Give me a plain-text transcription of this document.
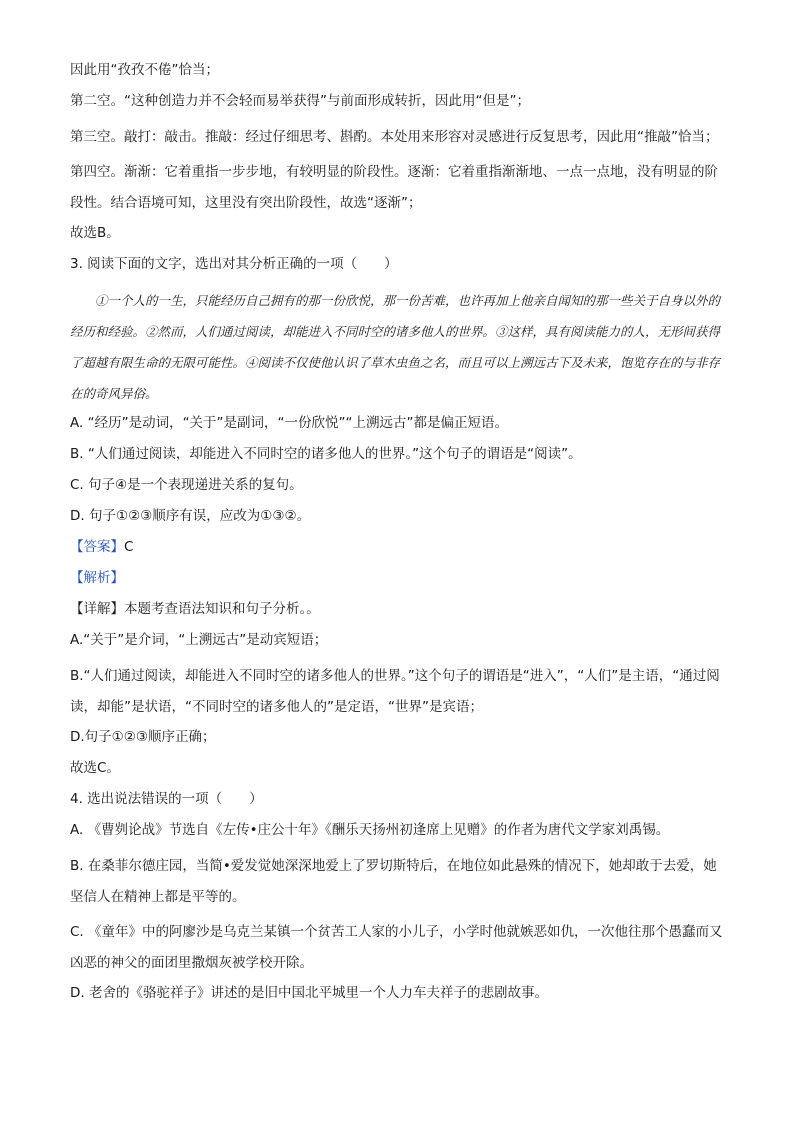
因此用“孜孜不倦”恰当；

第二空。“这种创造力并不会轻而易举获得”与前面形成转折，因此用“但是”；

第三空。敲打：敲击。推敲：经过仔细思考、斟酌。本处用来形容对灵感进行反复思考，因此用“推敲”恰当；

第四空。渐渐：它着重指一步步地，有较明显的阶段性。逐渐：它着重指渐渐地、一点一点地，没有明显的阶段性。结合语境可知，这里没有突出阶段性，故选“逐渐”；

故选B。

3. 阅读下面的文字，选出对其分析正确的一项（　　）

①一个人的一生，只能经历自己拥有的那一份欣悦，那一份苦难，也许再加上他亲自闻知的那一些关于自身以外的经历和经验。②然而，人们通过阅读，却能进入不同时空的诸多他人的世界。③这样，具有阅读能力的人，无形间获得了超越有限生命的无限可能性。④阅读不仅使他认识了草木虫鱼之名，而且可以上溯远古下及未来，饱览存在的与非存在的奇风异俗。

A. “经历”是动词，“关于”是副词，“一份欣悦”“上溯远古”都是偏正短语。

B. “人们通过阅读，却能进入不同时空的诸多他人的世界。”这个句子的谓语是“阅读”。

C. 句子④是一个表现递进关系的复句。

D. 句子①②③顺序有误，应改为①③②。

【答案】C

【解析】

【详解】本题考查语法知识和句子分析。。

A.“关于”是介词，“上溯远古”是动宾短语；

B.“人们通过阅读，却能进入不同时空的诸多他人的世界。”这个句子的谓语是“进入”，“人们”是主语，“通过阅读，却能”是状语，“不同时空的诸多他人的”是定语，“世界”是宾语；

D.句子①②③顺序正确；

故选C。

4. 选出说法错误的一项（　　）

A. 《曹刿论战》节选自《左传•庄公十年》《酬乐天扬州初逢席上见赠》的作者为唐代文学家刘禹锡。

B. 在桑菲尔德庄园，当简•爱发觉她深深地爱上了罗切斯特后，在地位如此悬殊的情况下，她却敢于去爱，她坚信人在精神上都是平等的。

C. 《童年》中的阿廖沙是乌克兰某镇一个贫苦工人家的小儿子，小学时他就嫉恶如仇，一次他往那个愚蠢而又凶恶的神父的面团里撒烟灰被学校开除。

D. 老舍的《骆驼祥子》讲述的是旧中国北平城里一个人力车夫祥子的悲剧故事。
